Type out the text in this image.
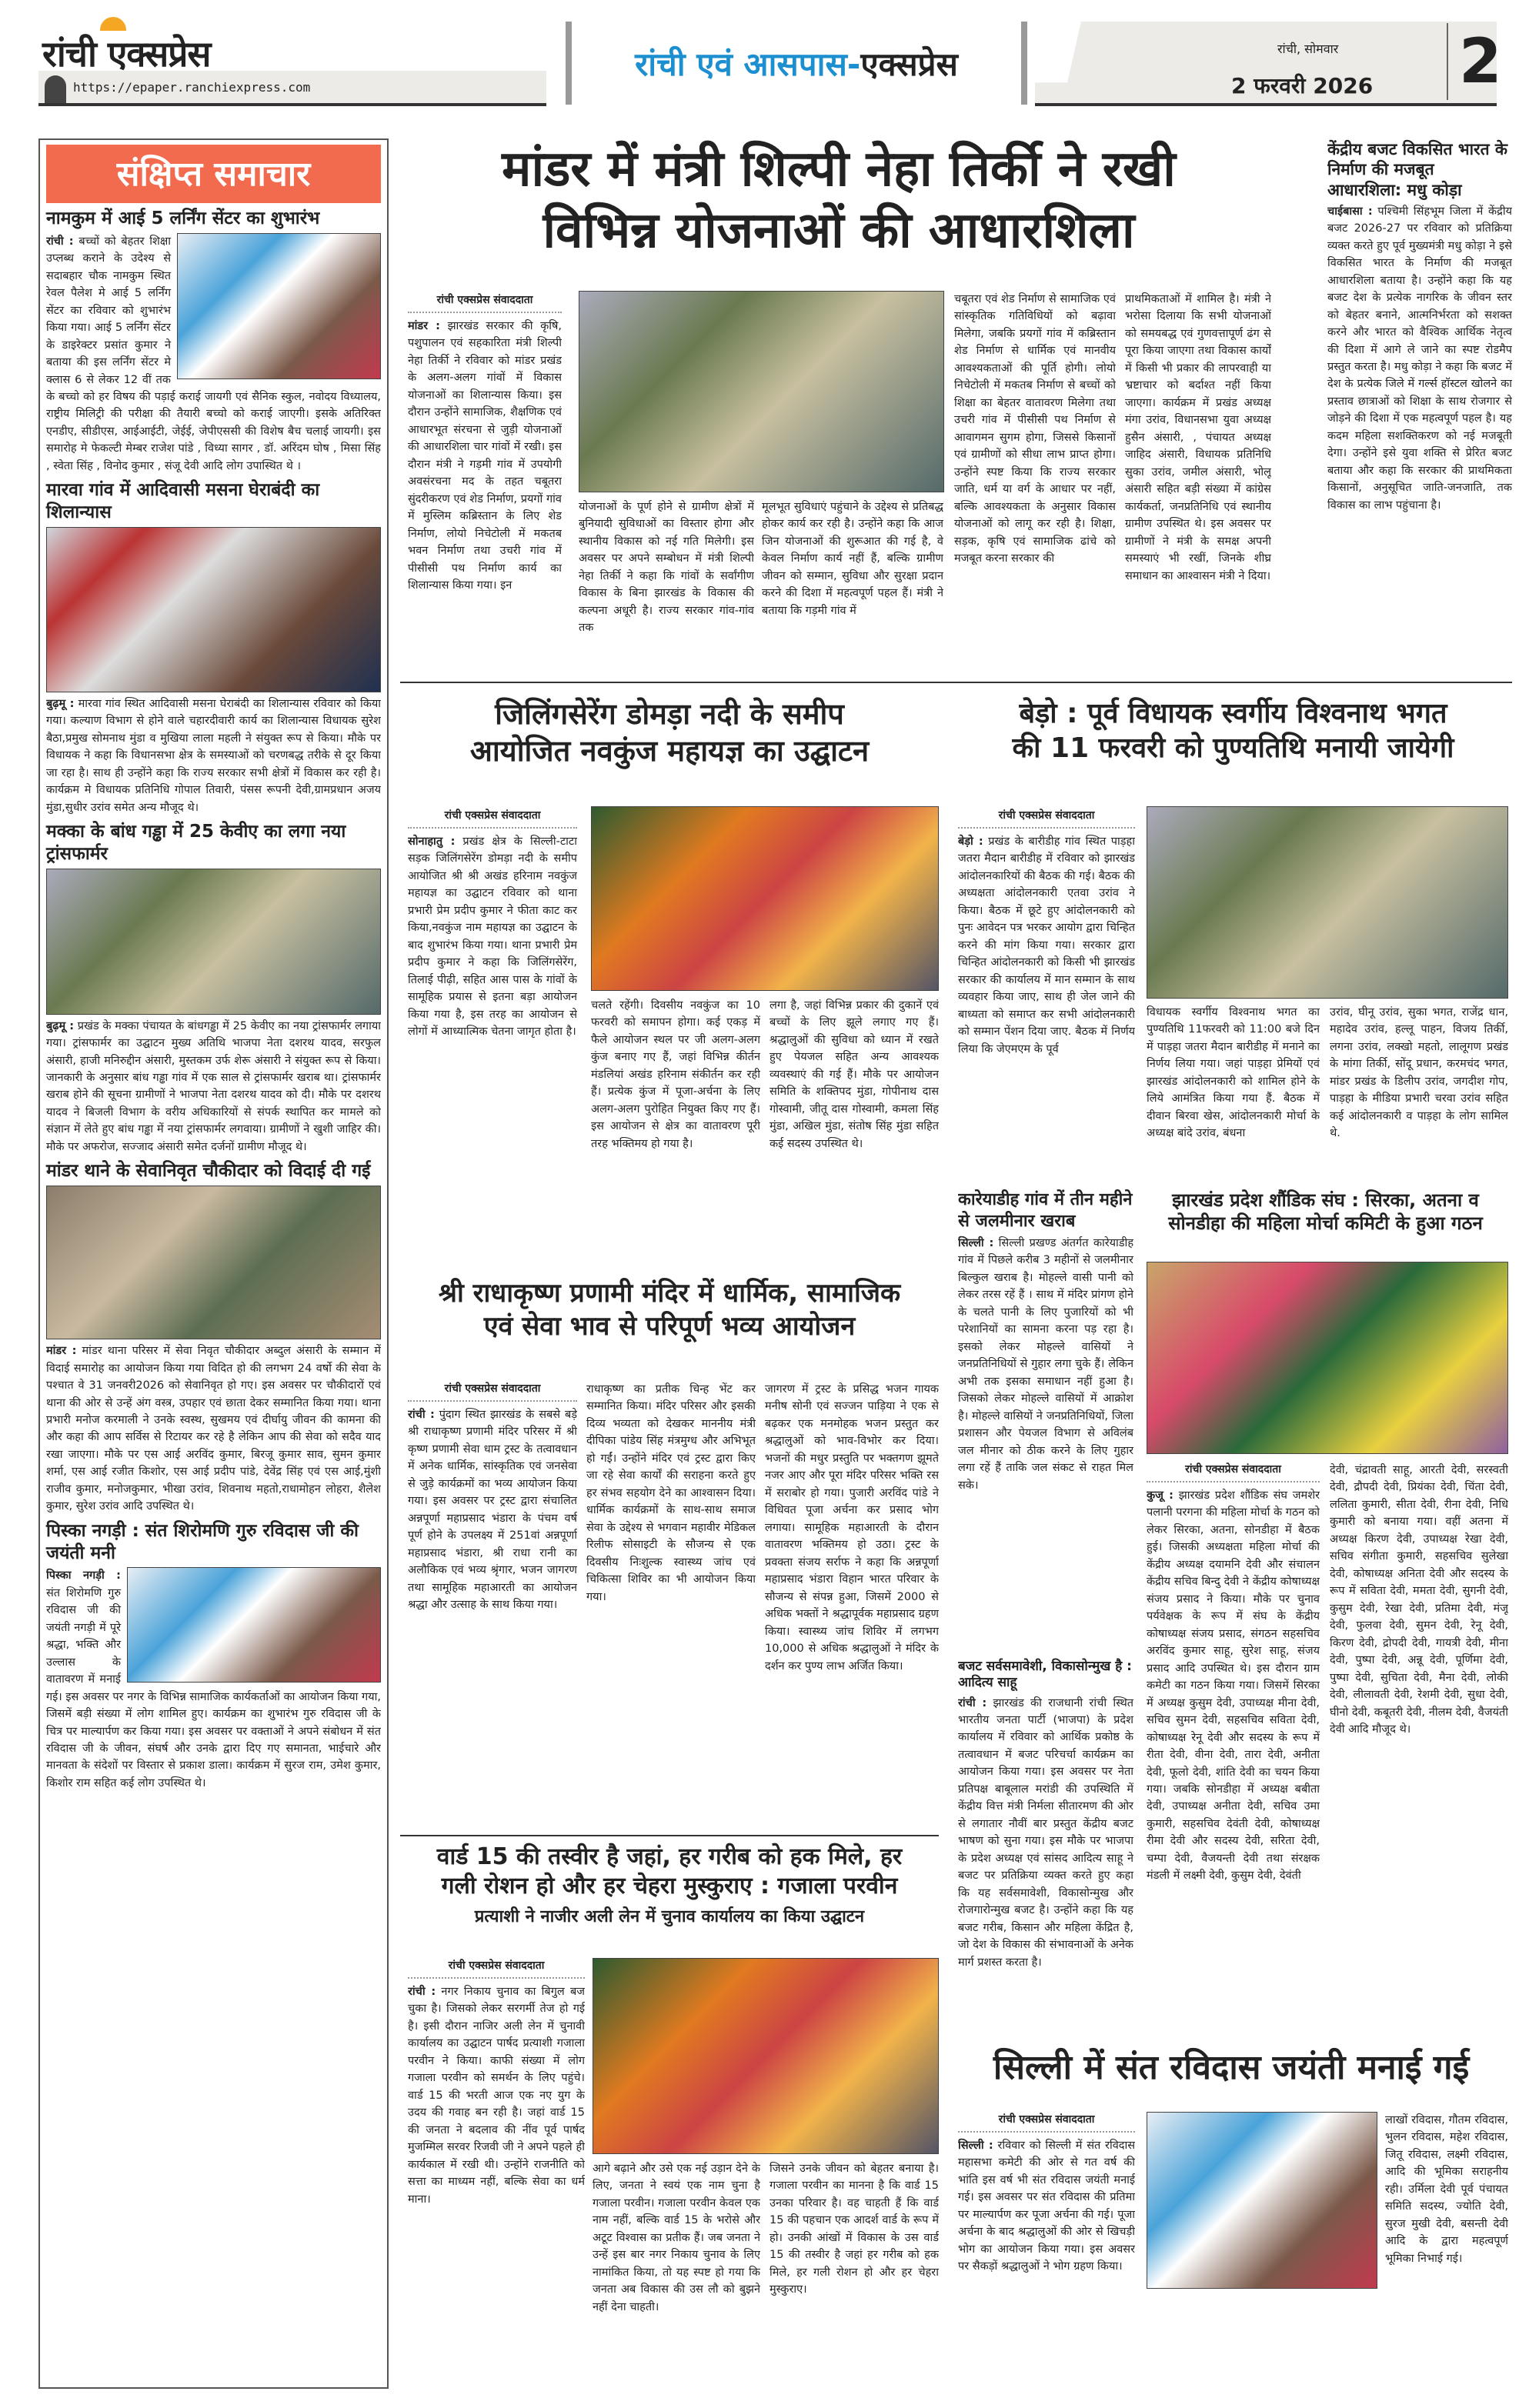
रांची एक्सप्रेस
https://epaper.ranchiexpress.com
रांची एवं आसपास- एक्सप्रेस	रांची, सोमवार
2 फरवरी 2026 2
संक्षिप्त समाचार
नामकुम में आई 5 लर्निंग सेंटर का शुभारंभ
रांची : बच्चों को बेहतर शिक्षा उप्लब्ध कराने के उदेश्य से सदाबहार चौक नामकुम स्थित रेवल पैलेश मे आई 5 लर्निंग सेंटर का रविवार को शुभारंभ किया गया। आई 5 लर्निंग सेंटर के डाइरेक्टर प्रसांत कुमार ने बताया की इस लर्निंग सेंटर मे क्लास 6 से लेकर 12 वीं तक के बच्चो को हर विषय की पड़ाई कराई जायगी एवं सैनिक स्कुल, नवोदय विध्यालय, राष्ट्रीय मिलिट्री की परीक्षा की तैयारी बच्चो को कराई जाएगी। इसके अतिरिक्त एनडीए, सीडीएस, आईआईटी, जेईई, जेपीएससी की विशेष बैच चलाई जायगी। इस समारोह मे फेकल्टी मेम्बर राजेश पांडे , विध्या सागर , डॉ. अरिंदम घोष , मिसा सिंह , स्वेता सिंह , विनोद कुमार , संजू देवी आदि लोग उपास्थित थे ।
मारवा गांव में आदिवासी मसना घेराबंदी का शिलान्यास
बुढ़मू : मारवा गांव स्थित आदिवासी मसना घेराबंदी का शिलान्यास रविवार को किया गया। कल्याण विभाग से होने वाले चहारदीवारी कार्य का शिलान्यास विधायक सुरेश बैठा,प्रमुख सोमनाथ मुंडा व मुखिया लाला महली ने संयुक्त रूप से किया। मौके पर विधायक ने कहा कि विधानसभा क्षेत्र के समस्याओं को चरणबद्ध तरीके से दूर किया जा रहा है। साथ ही उन्होंने कहा कि राज्य सरकार सभी क्षेत्रों में विकास कर रही है। कार्यक्रम मे विधायक प्रतिनिधि गोपाल तिवारी, पंसस रूपनी देवी,ग्रामप्रधान अजय मुंडा,सुधीर उरांव समेत अन्य मौजूद थे।
मक्का के बांध गड्ढा में 25 केवीए का लगा नया ट्रांसफार्मर
बुढ़मू : प्रखंड के मक्का पंचायत के बांधगड्ढा में 25 केवीए का नया ट्रांसफार्मर लगाया गया। ट्रांसफार्मर का उद्घाटन मुख्य अतिथि भाजपा नेता दशरथ यादव, सरफुल अंसारी, हाजी मनिरुद्दीन अंसारी, मुस्तकम उर्फ शेरू अंसारी ने संयुक्त रूप से किया। जानकारी के अनुसार बांध गड्ढा गांव में एक साल से ट्रांसफार्मर खराब था। ट्रांसफार्मर खराब होने की सूचना ग्रामीणों ने भाजपा नेता दशरथ यादव को दी। मौके पर दशरथ यादव ने बिजली विभाग के वरीय अधिकारियों से संपर्क स्थापित कर मामले को संज्ञान में लेते हुए बांध गड्ढा में नया ट्रांसफार्मर लगवाया। ग्रामीणों ने खुशी जाहिर की। मौके पर अफरोज, सज्जाद अंसारी समेत दर्जनों ग्रामीण मौजूद थे।
मांडर थाने के सेवानिवृत चौकीदार को विदाई दी गई
मांडर : मांडर थाना परिसर में सेवा निवृत चौकीदार अब्दुल अंसारी के सम्मान में विदाई समारोह का आयोजन किया गया विदित हो की लगभग 24 वर्षो की सेवा के पश्चात वे 31 जनवरी2026 को सेवानिवृत हो गए। इस अवसर पर चौकीदारों एवं थाना की ओर से उन्हें अंग वस्त्र, उपहार एवं छाता देकर सम्मानित किया गया। थाना प्रभारी मनोज करमाली ने उनके स्वस्थ, सुखमय एवं दीर्घायु जीवन की कामना की और कहा की आप सर्विस से रिटायर कर रहे है लेकिन आप की सेवा को सदैव याद रखा जाएगा। मौके पर एस आई अरविंद कुमार, बिरजू कुमार साव, सुमन कुमार शर्मा, एस आई रजीत किशोर, एस आई प्रदीप पांडे, देवेंद्र सिंह एवं एस आई,मुंशी राजीव कुमार, मनोजकुमार, भीखा उरांव, शिवनाथ महतो,राधामोहन लोहरा, शैलेश कुमार, सुरेश उरांव आदि उपस्थित थे।
पिस्का नगड़ी : संत शिरोमणि गुरु रविदास जी की जयंती मनी
पिस्का नगड़ी : संत शिरोमणि गुरु रविदास जी की जयंती नगड़ी में पूरे श्रद्धा, भक्ति और उल्लास के वातावरण में मनाई गई। इस अवसर पर नगर के विभिन्न सामाजिक कार्यकर्ताओं का आयोजन किया गया, जिसमें बड़ी संख्या में लोग शामिल हुए। कार्यक्रम का शुभारंभ गुरु रविदास जी के चित्र पर माल्यार्पण कर किया गया। इस अवसर पर वक्ताओं ने अपने संबोधन में संत रविदास जी के जीवन, संघर्ष और उनके द्वारा दिए गए समानता, भाईचारे और मानवता के संदेशों पर विस्तार से प्रकाश डाला। कार्यक्रम में सुरज राम, उमेश कुमार, किशोर राम सहित कई लोग उपस्थित थे।
मांडर में मंत्री शिल्पी नेहा तिर्की ने रखी
विभिन्न योजनाओं की आधारशिला
रांची एक्सप्रेस संवाददाता
मांडर : झारखंड सरकार की कृषि, पशुपालन एवं सहकारिता मंत्री शिल्पी नेहा तिर्की ने रविवार को मांडर प्रखंड के अलग-अलग गांवों में विकास योजनाओं का शिलान्यास किया। इस दौरान उन्होंने सामाजिक, शैक्षणिक एवं आधारभूत संरचना से जुड़ी योजनाओं की आधारशिला चार गांवों में रखी। इस दौरान मंत्री ने गड़मी गांव में उपयोगी अवसंरचना मद के तहत चबूतरा सुंदरीकरण एवं शेड निर्माण, प्रयगों गांव में मुस्लिम कब्रिस्तान के लिए शेड निर्माण, लोयो निचेटोली में मकतब भवन निर्माण तथा उचरी गांव में पीसीसी पथ निर्माण कार्य का शिलान्यास किया गया। इन
योजनाओं के पूर्ण होने से ग्रामीण क्षेत्रों में बुनियादी सुविधाओं का विस्तार होगा और स्थानीय विकास को नई गति मिलेगी। इस अवसर पर अपने सम्बोधन में मंत्री शिल्पी नेहा तिर्की ने कहा कि गांवों के सर्वांगीण विकास के बिना झारखंड के विकास की कल्पना अधूरी है। राज्य सरकार गांव-गांव तक
मूलभूत सुविधाएं पहुंचाने के उद्देश्य से प्रतिबद्ध होकर कार्य कर रही है। उन्होंने कहा कि आज जिन योजनाओं की शुरूआत की गई है, वे केवल निर्माण कार्य नहीं हैं, बल्कि ग्रामीण जीवन को सम्मान, सुविधा और सुरक्षा प्रदान करने की दिशा में महत्वपूर्ण पहल हैं। मंत्री ने बताया कि गड़मी गांव में
चबूतरा एवं शेड निर्माण से सामाजिक एवं सांस्कृतिक गतिविधियों को बढ़ावा मिलेगा, जबकि प्रयगों गांव में कब्रिस्तान शेड निर्माण से धार्मिक एवं मानवीय आवश्यकताओं की पूर्ति होगी। लोयो निचेटोली में मकतब निर्माण से बच्चों को शिक्षा का बेहतर वातावरण मिलेगा तथा उचरी गांव में पीसीसी पथ निर्माण से आवागमन सुगम होगा, जिससे किसानों एवं ग्रामीणों को सीधा लाभ प्राप्त होगा। उन्होंने स्पष्ट किया कि राज्य सरकार जाति, धर्म या वर्ग के आधार पर नहीं, बल्कि आवश्यकता के अनुसार विकास योजनाओं को लागू कर रही है। शिक्षा, सड़क, कृषि एवं सामाजिक ढांचे को मजबूत करना सरकार की
प्राथमिकताओं में शामिल है। मंत्री ने भरोसा दिलाया कि सभी योजनाओं को समयबद्ध एवं गुणवत्तापूर्ण ढंग से पूरा किया जाएगा तथा विकास कार्यों में किसी भी प्रकार की लापरवाही या भ्रष्टाचार को बर्दाश्त नहीं किया जाएगा। कार्यक्रम में प्रखंड अध्यक्ष मंगा उरांव, विधानसभा युवा अध्यक्ष हुसैन अंसारी, , पंचायत अध्यक्ष जाहिद अंसारी, विधायक प्रतिनिधि सुका उरांव, जमील अंसारी, भोलू अंसारी सहित बड़ी संख्या में कांग्रेस कार्यकर्ता, जनप्रतिनिधि एवं स्थानीय ग्रामीण उपस्थित थे। इस अवसर पर ग्रामीणों ने मंत्री के समक्ष अपनी समस्याएं भी रखीं, जिनके शीघ्र समाधान का आश्वासन मंत्री ने दिया।
केंद्रीय बजट विकसित भारत के निर्माण की मजबूत आधारशिला: मधु कोड़ा
चाईबासा : पश्चिमी सिंहभूम जिला में केंद्रीय बजट 2026-27 पर रविवार को प्रतिक्रिया व्यक्त करते हुए पूर्व मुख्यमंत्री मधु कोड़ा ने इसे विकसित भारत के निर्माण की मजबूत आधारशिला बताया है। उन्होंने कहा कि यह बजट देश के प्रत्येक नागरिक के जीवन स्तर को बेहतर बनाने, आत्मनिर्भरता को सशक्त करने और भारत को वैश्विक आर्थिक नेतृत्व की दिशा में आगे ले जाने का स्पष्ट रोडमैप प्रस्तुत करता है। मधु कोड़ा ने कहा कि बजट में देश के प्रत्येक जिले में गर्ल्स हॉस्टल खोलने का प्रस्ताव छात्राओं को शिक्षा के साथ रोजगार से जोड़ने की दिशा में एक महत्वपूर्ण पहल है। यह कदम महिला सशक्तिकरण को नई मजबूती देगा। उन्होंने इसे युवा शक्ति से प्रेरित बजट बताया और कहा कि सरकार की प्राथमिकता किसानों, अनुसूचित जाति-जनजाति, तक विकास का लाभ पहुंचाना है।
जिलिंगसेरेंग डोमड़ा नदी के समीप
आयोजित नवकुंज महायज्ञ का उद्घाटन
रांची एक्सप्रेस संवाददाता
सोनाहातु : प्रखंड क्षेत्र के सिल्ली-टाटा सड़क जिलिंगसेरेंग डोमड़ा नदी के समीप आयोजित श्री श्री अखंड हरिनाम नवकुंज महायज्ञ का उद्घाटन रविवार को थाना प्रभारी प्रेम प्रदीप कुमार ने फीता काट कर किया,नवकुंज नाम महायज्ञ का उद्घाटन के बाद शुभारंभ किया गया। थाना प्रभारी प्रेम प्रदीप कुमार ने कहा कि जिलिंगसेरेंग, तिलाई पीढ़ी, सहित आस पास के गांवों के सामूहिक प्रयास से इतना बड़ा आयोजन किया गया है, इस तरह का आयोजन से लोगों में आध्यात्मिक चेतना जागृत होता है।
चलते रहेंगी। दिवसीय नवकुंज का 10 फरवरी को समापन होगा। कई एकड़ में फैले आयोजन स्थल पर जी अलग-अलग कुंज बनाए गए हैं, जहां विभिन्न कीर्तन मंडलियां अखंड हरिनाम संकीर्तन कर रही हैं। प्रत्येक कुंज में पूजा-अर्चना के लिए अलग-अलग पुरोहित नियुक्त किए गए हैं। इस आयोजन से क्षेत्र का वातावरण पूरी तरह भक्तिमय हो गया है।
लगा है, जहां विभिन्न प्रकार की दुकानें एवं बच्चों के लिए झूले लगाए गए हैं। श्रद्धालुओं की सुविधा को ध्यान में रखते हुए पेयजल सहित अन्य आवश्यक व्यवस्थाएं की गई हैं। मौके पर आयोजन समिति के शक्तिपद मुंडा, गोपीनाथ दास गोस्वामी, जीतू दास गोस्वामी, कमला सिंह मुंडा, अखिल मुंडा, संतोष सिंह मुंडा सहित कई सदस्य उपस्थित थे।
बेड़ो : पूर्व विधायक स्वर्गीय विश्वनाथ भगत
की 11 फरवरी को पुण्यतिथि मनायी जायेगी
रांची एक्सप्रेस संवाददाता
बेड़ो : प्रखंड के बारीडीह गांव स्थित पाड़हा जतरा मैदान बारीडीह में रविवार को झारखंड आंदोलनकारियों की बैठक की गई। बैठक की अध्यक्षता आंदोलनकारी एतवा उरांव ने किया। बैठक में छूटे हुए आंदोलनकारी को पुनः आवेदन पत्र भरकर आयोग द्वारा चिन्हित करने की मांग किया गया। सरकार द्वारा चिन्हित आंदोलनकारी को किसी भी झारखंड सरकार की कार्यालय में मान सम्मान के साथ व्यवहार किया जाए, साथ ही जेल जाने की बाध्यता को समाप्त कर सभी आंदोलनकारी को सम्मान पेंशन दिया जाए. बैठक में निर्णय लिया कि जेएमएम के पूर्व
विधायक स्वर्गीय विश्वनाथ भगत का पुण्यतिथि 11फरवरी को 11:00 बजे दिन में पाड़हा जतरा मैदान बारीडीह में मनाने का निर्णय लिया गया। जहां पाड़हा प्रेमियों एवं झारखंड आंदोलनकारी को शामिल होने के लिये आमंत्रित किया गया हैं. बैठक में दीवान बिरवा खेस, आंदोलनकारी मोर्चा के अध्यक्ष बांदे उरांव, बंधना
उरांव, घीनू उरांव, सुका भगत, राजेंद्र धान, महादेव उरांव, हल्लू पाहन, विजय तिर्की, लगना उरांव, लक्खो महतो, लालूगण प्रखंड के मांगा तिर्की, सोंदू प्रधान, करमचंद भगत, मांडर प्रखंड के डिलीप उरांव, जगदीश गोप, पाड़हा के मीडिया प्रभारी चरवा उरांव सहित कई आंदोलनकारी व पाड़हा के लोग सामिल थे.
कारेयाडीह गांव में तीन महीने से जलमीनार खराब
सिल्ली : सिल्ली प्रखण्ड अंतर्गत कारेयाडीह गांव में पिछले करीब 3 महीनों से जलमीनार बिल्कुल खराब है। मोहल्ले वासी पानी को लेकर तरस रहें हैं । साथ में मंदिर प्रांगण होने के चलते पानी के लिए पुजारियों को भी परेशानियों का सामना करना पड़ रहा है। इसको लेकर मोहल्ले वासियों ने जनप्रतिनिधियों से गुहार लगा चुके हैं। लेकिन अभी तक इसका समाधान नहीं हुआ है। जिसको लेकर मोहल्ले वासियों में आक्रोश है। मोहल्ले वासियों ने जनप्रतिनिधियों, जिला प्रशासन और पेयजल विभाग से अविलंब जल मीनार को ठीक करने के लिए गुहार लगा रहें हैं ताकि जल संकट से राहत मिल सके।
बजट सर्वसमावेशी, विकासोन्मुख है : आदित्य साहू
रांची : झारखंड की राजधानी रांची स्थित भारतीय जनता पार्टी (भाजपा) के प्रदेश कार्यालय में रविवार को आर्थिक प्रकोष्ठ के तत्वावधान में बजट परिचर्चा कार्यक्रम का आयोजन किया गया। इस अवसर पर नेता प्रतिपक्ष बाबूलाल मरांडी की उपस्थिति में केंद्रीय वित्त मंत्री निर्मला सीतारमण की ओर से लगातार नौवीं बार प्रस्तुत केंद्रीय बजट भाषण को सुना गया। इस मौके पर भाजपा के प्रदेश अध्यक्ष एवं सांसद आदित्य साहू ने बजट पर प्रतिक्रिया व्यक्त करते हुए कहा कि यह सर्वसमावेशी, विकासोन्मुख और रोजगारोन्मुख बजट है। उन्होंने कहा कि यह बजट गरीब, किसान और महिला केंद्रित है, जो देश के विकास की संभावनाओं के अनेक मार्ग प्रशस्त करता है।
झारखंड प्रदेश शौंडिक संघ : सिरका, अतना व सोनडीहा की महिला मोर्चा कमिटी के हुआ गठन
रांची एक्सप्रेस संवाददाता
कुजू : झारखंड प्रदेश शौंडिक संघ जमशेर पलानी परगना की महिला मोर्चा के गठन को लेकर सिरका, अतना, सोनडीहा में बैठक हुई। जिसकी अध्यक्षता महिला मोर्चा की केंद्रीय अध्यक्ष दयामनि देवी और संचालन केंद्रीय सचिव बिन्दु देवी ने केंद्रीय कोषाध्यक्ष संजय प्रसाद ने किया। मौके पर चुनाव पर्यवेक्षक के रूप में संघ के केंद्रीय कोषाध्यक्ष संजय प्रसाद, संगठन सहसचिव अरविंद कुमार साहू, सुरेश साहू, संजय प्रसाद आदि उपस्थित थे। इस दौरान ग्राम कमेटी का गठन किया गया। जिसमें सिरका में अध्यक्ष कुसुम देवी, उपाध्यक्ष मीना देवी, सचिव सुमन देवी, सहसचिव सविता देवी, कोषाध्यक्ष रेनू देवी और सदस्य के रूप में रीता देवी, वीना देवी, तारा देवी, अनीता देवी, फूलो देवी, शांति देवी का चयन किया गया। जबकि सोनडीहा में अध्यक्ष बबीता देवी, उपाध्यक्ष अनीता देवी, सचिव उमा कुमारी, सहसचिव देवंती देवी, कोषाध्यक्ष रीमा देवी और सदस्य देवी, सरिता देवी, चम्पा देवी, वैजयन्ती देवी तथा संरक्षक मंडली में लक्ष्मी देवी, कुसुम देवी, देवंती
देवी, चंद्रावती साहू, आरती देवी, सरस्वती देवी, द्रौपदी देवी, प्रियंका देवी, चिंता देवी, ललिता कुमारी, सीता देवी, रीना देवी, निधि कुमारी को बनाया गया। वहीं अतना में अध्यक्ष किरण देवी, उपाध्यक्ष रेखा देवी, सचिव संगीता कुमारी, सहसचिव सुलेखा देवी, कोषाध्यक्ष अनिता देवी और सदस्य के रूप में सविता देवी, ममता देवी, सुगनी देवी, कुसुम देवी, रेखा देवी, प्रतिमा देवी, मंजू देवी, फुलवा देवी, सुमन देवी, रेनू देवी, किरण देवी, द्रोपदी देवी, गायत्री देवी, मीना देवी, पुष्पा देवी, अन्नू देवी, पूर्णिमा देवी, पुष्पा देवी, सुचिता देवी, मैना देवी, लोकी देवी, लीलावती देवी, रेशमी देवी, सुधा देवी, घीनो देवी, कबूतरी देवी, नीलम देवी, वैजयंती देवी आदि मौजूद थे।
श्री राधाकृष्ण प्रणामी मंदिर में धार्मिक, सामाजिक
एवं सेवा भाव से परिपूर्ण भव्य आयोजन
रांची एक्सप्रेस संवाददाता
रांची : पुंदाग स्थित झारखंड के सबसे बड़े श्री राधाकृष्ण प्रणामी मंदिर परिसर में श्री कृष्ण प्रणामी सेवा धाम ट्रस्ट के तत्वावधान में अनेक धार्मिक, सांस्कृतिक एवं जनसेवा से जुड़े कार्यक्रमों का भव्य आयोजन किया गया। इस अवसर पर ट्रस्ट द्वारा संचालित अन्नपूर्णा महाप्रसाद भंडारा के पंचम वर्ष पूर्ण होने के उपलक्ष्य में 251वां अन्नपूर्णा महाप्रसाद भंडारा, श्री राधा रानी का अलौकिक एवं भव्य श्रृंगार, भजन जागरण तथा सामूहिक महाआरती का आयोजन श्रद्धा और उत्साह के साथ किया गया।
राधाकृष्ण का प्रतीक चिन्ह भेंट कर सम्मानित किया। मंदिर परिसर और इसकी दिव्य भव्यता को देखकर माननीय मंत्री दीपिका पांडेय सिंह मंत्रमुग्ध और अभिभूत हो गईं। उन्होंने मंदिर एवं ट्रस्ट द्वारा किए जा रहे सेवा कार्यों की सराहना करते हुए हर संभव सहयोग देने का आश्वासन दिया। धार्मिक कार्यक्रमों के साथ-साथ समाज सेवा के उद्देश्य से भगवान महावीर मेडिकल रिलीफ सोसाइटी के सौजन्य से एक दिवसीय निःशुल्क स्वास्थ्य जांच एवं चिकित्सा शिविर का भी आयोजन किया गया।
जागरण में ट्रस्ट के प्रसिद्ध भजन गायक मनीष सोनी एवं सज्जन पाड़िया ने एक से बढ़कर एक मनमोहक भजन प्रस्तुत कर श्रद्धालुओं को भाव-विभोर कर दिया। भजनों की मधुर प्रस्तुति पर भक्तगण झूमते नजर आए और पूरा मंदिर परिसर भक्ति रस में सराबोर हो गया। पुजारी अरविंद पांडे ने विधिवत पूजा अर्चना कर प्रसाद भोग लगाया। सामूहिक महाआरती के दौरान वातावरण भक्तिमय हो उठा। ट्रस्ट के प्रवक्ता संजय सर्राफ ने कहा कि अन्नपूर्णा महाप्रसाद भंडारा विहान भारत परिवार के सौजन्य से संपन्न हुआ, जिसमें 2000 से अधिक भक्तों ने श्रद्धापूर्वक महाप्रसाद ग्रहण किया। स्वास्थ्य जांच शिविर में लगभग 10,000 से अधिक श्रद्धालुओं ने मंदिर के दर्शन कर पुण्य लाभ अर्जित किया।
वार्ड 15 की तस्वीर है जहां, हर गरीब को हक मिले, हर
गली रोशन हो और हर चेहरा मुस्कुराए : गजाला परवीन
प्रत्याशी ने नाजीर अली लेन में चुनाव कार्यालय का किया उद्घाटन
रांची एक्सप्रेस संवाददाता
रांची : नगर निकाय चुनाव का बिगुल बज चुका है। जिसको लेकर सरगर्मी तेज हो गई है। इसी दौरान नाजिर अली लेन में चुनावी कार्यालय का उद्घाटन पार्षद प्रत्याशी गजाला परवीन ने किया। काफी संख्या में लोग गजाला परवीन को समर्थन के लिए पहुंचे। वार्ड 15 की भरती आज एक नए युग के उदय की गवाह बन रही है। जहां वार्ड 15 की जनता ने बदलाव की नींव पूर्व पार्षद मुजम्मिल सरवर रिजवी जी ने अपने पहले ही कार्यकाल में रखी थी। उन्होंने राजनीति को सत्ता का माध्यम नहीं, बल्कि सेवा का धर्म माना।
आगे बढ़ाने और उसे एक नई उड़ान देने के लिए, जनता ने स्वयं एक नाम चुना है गजाला परवीन। गजाला परवीन केवल एक नाम नहीं, बल्कि वार्ड 15 के भरोसे और अटूट विश्वास का प्रतीक हैं। जब जनता ने उन्हें इस बार नगर निकाय चुनाव के लिए नामांकित किया, तो यह स्पष्ट हो गया कि जनता अब विकास की उस लौ को बुझने नहीं देना चाहती।
जिसने उनके जीवन को बेहतर बनाया है। गजाला परवीन का मानना है कि वार्ड 15 उनका परिवार है। वह चाहती हैं कि वार्ड 15 की पहचान एक आदर्श वार्ड के रूप में हो। उनकी आंखों में विकास के उस वार्ड 15 की तस्वीर है जहां हर गरीब को हक मिले, हर गली रोशन हो और हर चेहरा मुस्कुराए।
सिल्ली में संत रविदास जयंती मनाई गई
रांची एक्सप्रेस संवाददाता
सिल्ली : रविवार को सिल्ली में संत रविदास महासभा कमेटी की ओर से गत वर्ष की भांति इस वर्ष भी संत रविदास जयंती मनाई गई। इस अवसर पर संत रविदास की प्रतिमा पर माल्यार्पण कर पूजा अर्चना की गई। पूजा अर्चना के बाद श्रद्धालुओं की ओर से खिचड़ी भोग का आयोजन किया गया। इस अवसर पर सैकड़ों श्रद्धालुओं ने भोग ग्रहण किया।
लाखों रविदास, गौतम रविदास, भुलन रविदास, महेश रविदास, जितू रविदास, लक्ष्मी रविदास, आदि की भूमिका सराहनीय रही। उर्मिला देवी पूर्व पंचायत समिति सदस्य, ज्योति देवी, सुरज मुखी देवी, बसन्ती देवी आदि के द्वारा महत्वपूर्ण भूमिका निभाई गई।
